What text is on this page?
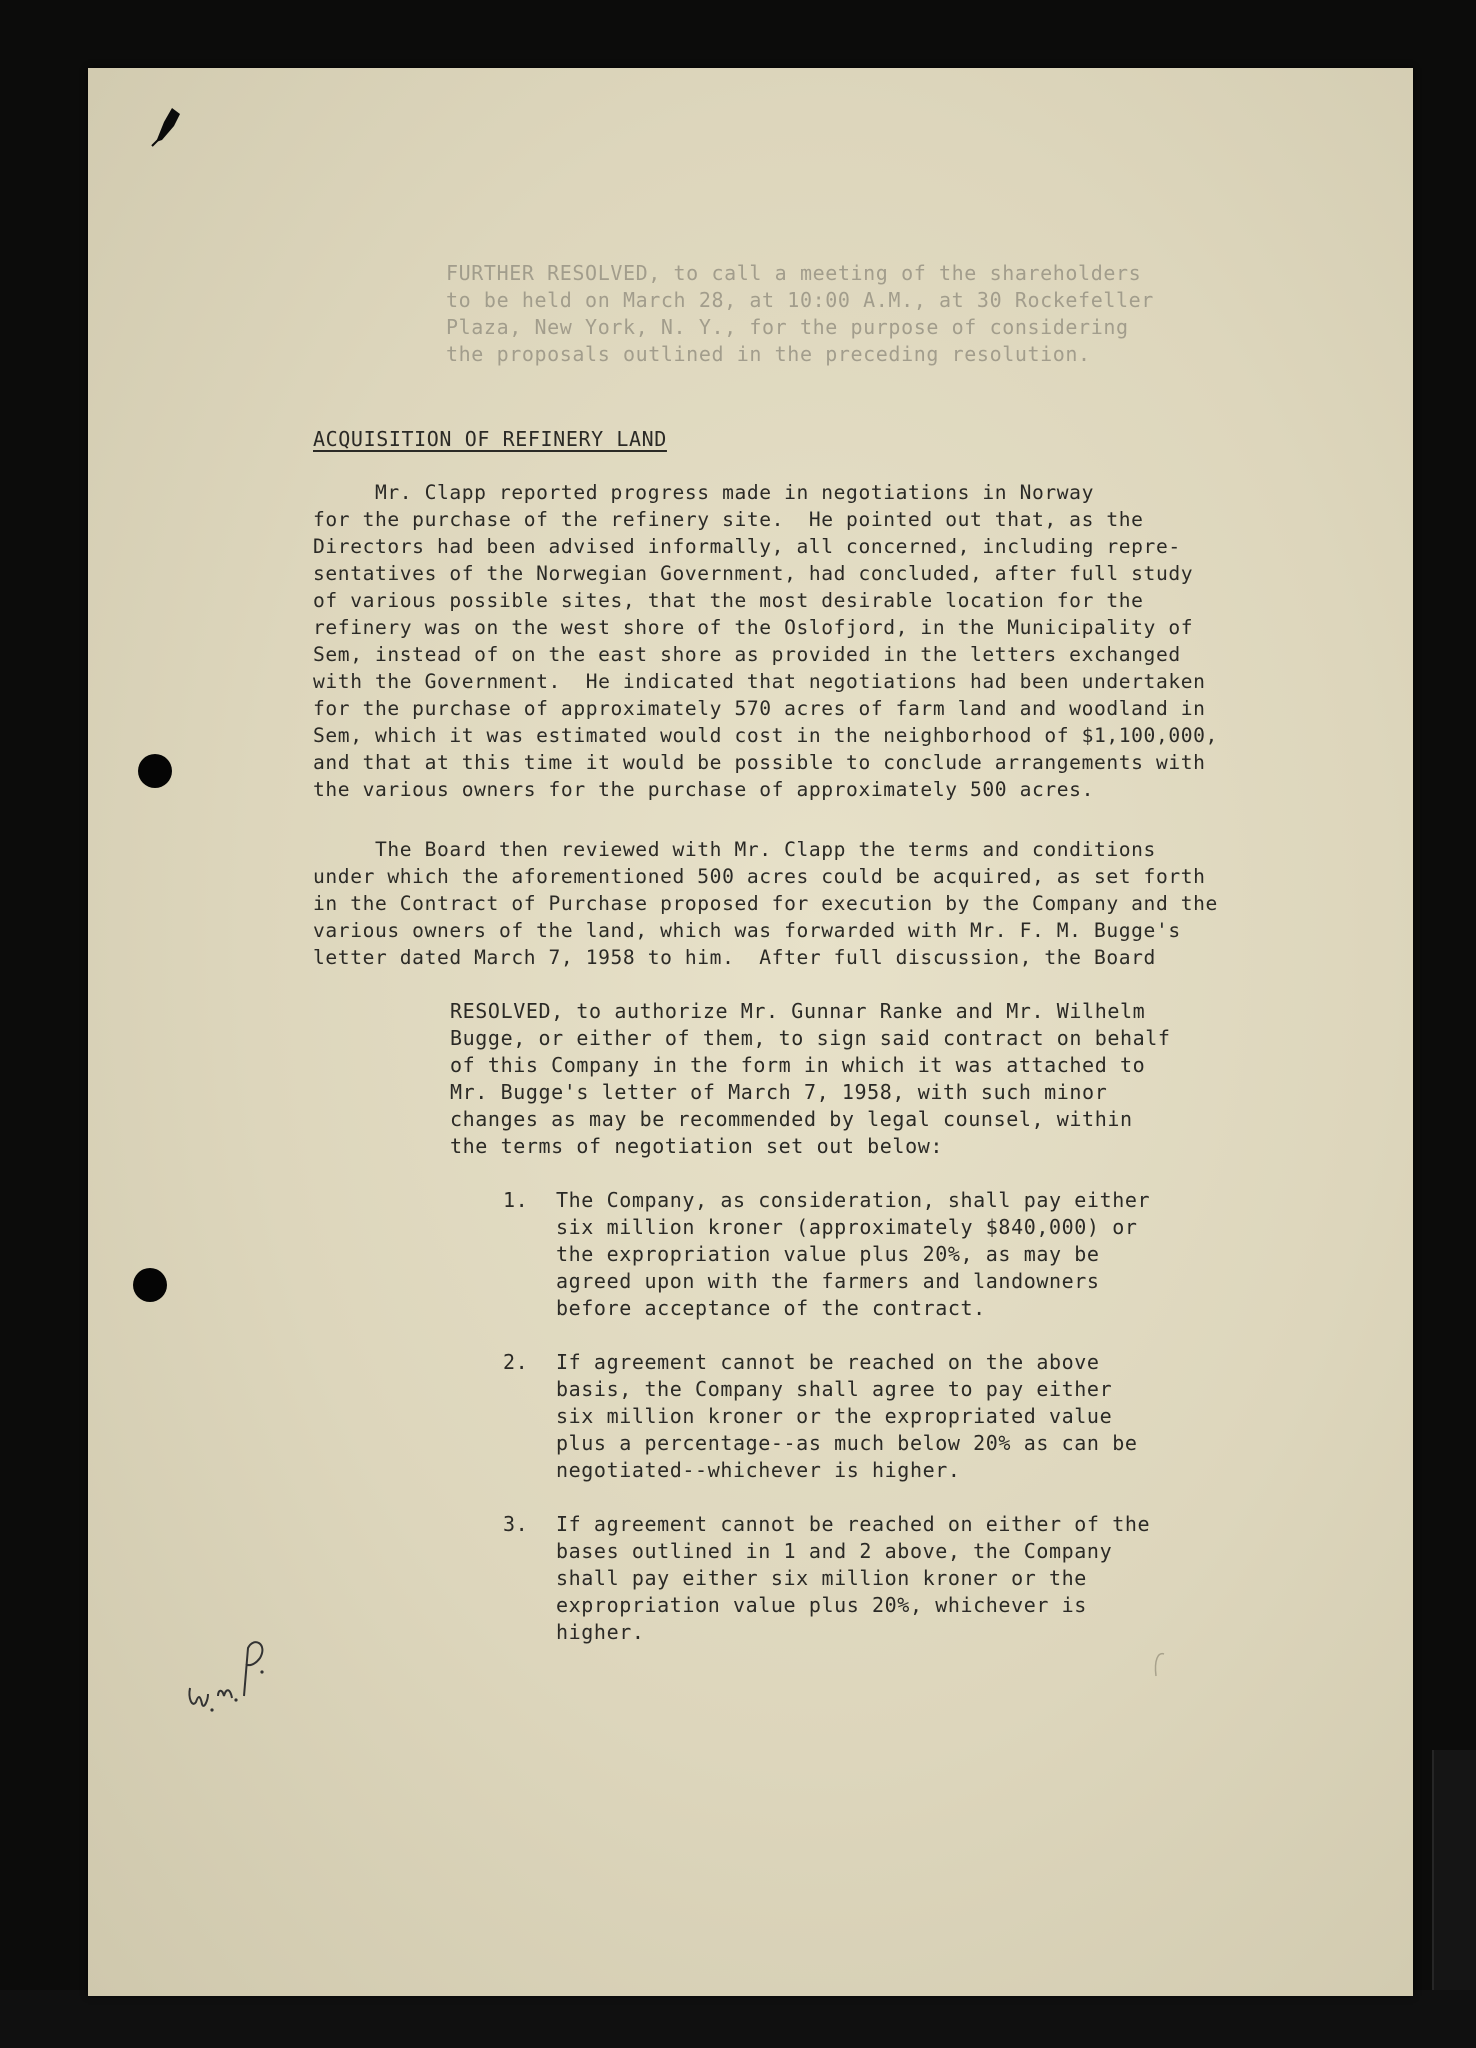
FURTHER RESOLVED, to call a meeting of the shareholders

to be held on March 28, at 10:00 A.M., at 30 Rockefeller

Plaza, New York, N. Y., for the purpose of considering

the proposals outlined in the preceding resolution.

ACQUISITION OF REFINERY LAND

Mr. Clapp reported progress made in negotiations in Norway

for the purchase of the refinery site.  He pointed out that, as the

Directors had been advised informally, all concerned, including repre-

sentatives of the Norwegian Government, had concluded, after full study

of various possible sites, that the most desirable location for the

refinery was on the west shore of the Oslofjord, in the Municipality of

Sem, instead of on the east shore as provided in the letters exchanged

with the Government.  He indicated that negotiations had been undertaken

for the purchase of approximately 570 acres of farm land and woodland in

Sem, which it was estimated would cost in the neighborhood of $1,100,000,

and that at this time it would be possible to conclude arrangements with

the various owners for the purchase of approximately 500 acres.

The Board then reviewed with Mr. Clapp the terms and conditions

under which the aforementioned 500 acres could be acquired, as set forth

in the Contract of Purchase proposed for execution by the Company and the

various owners of the land, which was forwarded with Mr. F. M. Bugge's

letter dated March 7, 1958 to him.  After full discussion, the Board

RESOLVED, to authorize Mr. Gunnar Ranke and Mr. Wilhelm

Bugge, or either of them, to sign said contract on behalf

of this Company in the form in which it was attached to

Mr. Bugge's letter of March 7, 1958, with such minor

changes as may be recommended by legal counsel, within

the terms of negotiation set out below:

1.

The Company, as consideration, shall pay either

six million kroner (approximately $840,000) or

the expropriation value plus 20%, as may be

agreed upon with the farmers and landowners

before acceptance of the contract.

2.

If agreement cannot be reached on the above

basis, the Company shall agree to pay either

six million kroner or the expropriated value

plus a percentage--as much below 20% as can be

negotiated--whichever is higher.

3.

If agreement cannot be reached on either of the

bases outlined in 1 and 2 above, the Company

shall pay either six million kroner or the

expropriation value plus 20%, whichever is

higher.
